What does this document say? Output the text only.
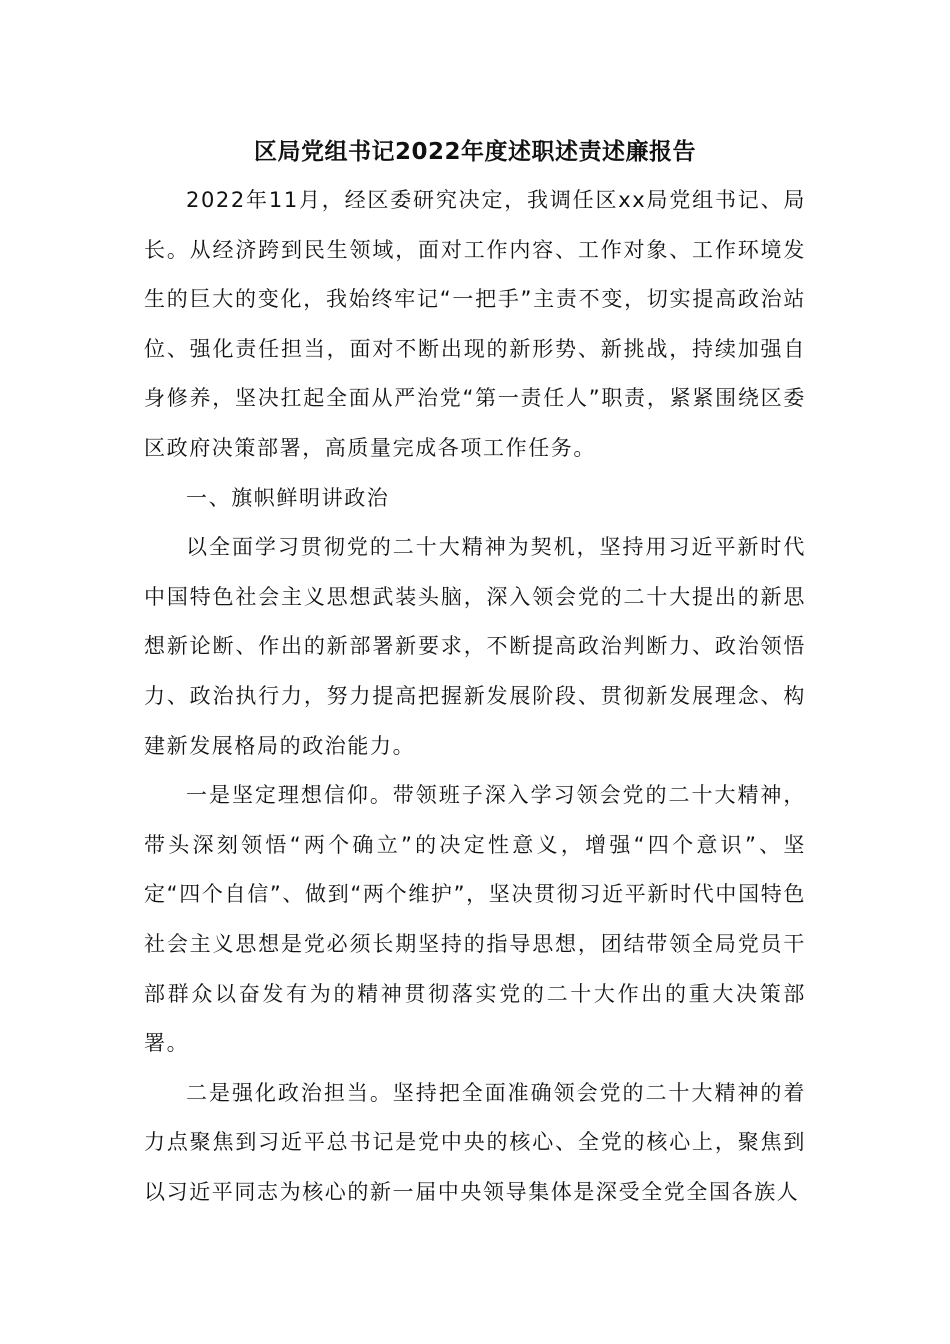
区局党组书记2022年度述职述责述廉报告

2022年11月，经区委研究决定，我调任区xx局党组书记、局长。从经济跨到民生领域，面对工作内容、工作对象、工作环境发生的巨大的变化，我始终牢记“一把手”主责不变，切实提高政治站位、强化责任担当，面对不断出现的新形势、新挑战，持续加强自身修养，坚决扛起全面从严治党“第一责任人”职责，紧紧围绕区委区政府决策部署，高质量完成各项工作任务。

一、旗帜鲜明讲政治

以全面学习贯彻党的二十大精神为契机，坚持用习近平新时代中国特色社会主义思想武装头脑，深入领会党的二十大提出的新思想新论断、作出的新部署新要求，不断提高政治判断力、政治领悟力、政治执行力，努力提高把握新发展阶段、贯彻新发展理念、构建新发展格局的政治能力。

一是坚定理想信仰。带领班子深入学习领会党的二十大精神，带头深刻领悟“两个确立”的决定性意义，增强“四个意识”、坚定“四个自信”、做到“两个维护”，坚决贯彻习近平新时代中国特色社会主义思想是党必须长期坚持的指导思想，团结带领全局党员干部群众以奋发有为的精神贯彻落实党的二十大作出的重大决策部署。

二是强化政治担当。坚持把全面准确领会党的二十大精神的着力点聚焦到习近平总书记是党中央的核心、全党的核心上，聚焦到以习近平同志为核心的新一届中央领导集体是深受全党全国各族人
